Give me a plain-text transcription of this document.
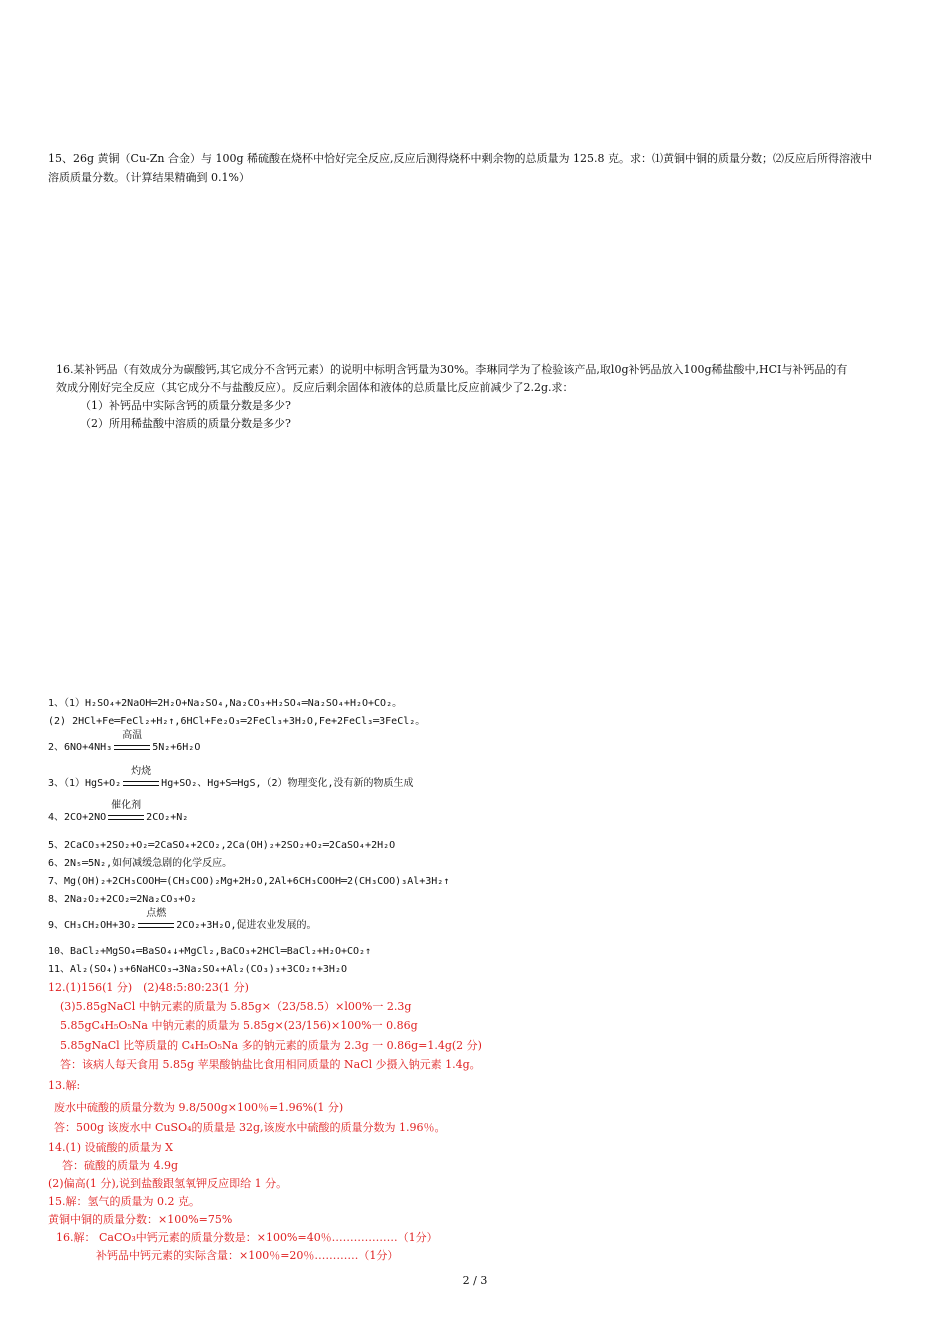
15、26g 黄铜（Cu-Zn 合金）与 100g 稀硫酸在烧杯中恰好完全反应,反应后测得烧杯中剩余物的总质量为 125.8 克。求：⑴黄铜中铜的质量分数；⑵反应后所得溶液中
溶质质量分数。（计算结果精确到 0.1%）
16.某补钙品（有效成分为碳酸钙,其它成分不含钙元素）的说明中标明含钙量为30%。李琳同学为了检验该产品,取l0g补钙品放入100g稀盐酸中,HCI与补钙品的有
效成分刚好完全反应（其它成分不与盐酸反应）。反应后剩余固体和液体的总质量比反应前减少了2.2g.求：
（1）补钙品中实际含钙的质量分数是多少?
（2）所用稀盐酸中溶质的质量分数是多少?
1、（1）H₂SO₄+2NaOH═2H₂O+Na₂SO₄,Na₂CO₃+H₂SO₄═Na₂SO₄+H₂O+CO₂。
(2) 2HCl+Fe═FeCl₂+H₂↑,6HCl+Fe₂O₃═2FeCl₃+3H₂O,Fe+2FeCl₃═3FeCl₂。
2、6NO+4NH₃
高温
5N₂+6H₂O
3、（1）HgS+O₂
灼烧
Hg+SO₂、Hg+S═HgS,（2）物理变化,没有新的物质生成
4、2CO+2NO
催化剂
2CO₂+N₂
5、2CaCO₃+2SO₂+O₂═2CaSO₄+2CO₂,2Ca(OH)₂+2SO₂+O₂═2CaSO₄+2H₂O
6、2N₅═5N₂,如何减缓急剧的化学反应。
7、Mg(OH)₂+2CH₃COOH═(CH₃COO)₂Mg+2H₂O,2Al+6CH₃COOH═2(CH₃COO)₃Al+3H₂↑
8、2Na₂O₂+2CO₂═2Na₂CO₃+O₂
9、CH₃CH₂OH+3O₂
点燃
2CO₂+3H₂O,促进农业发展的。
10、BaCl₂+MgSO₄═BaSO₄↓+MgCl₂,BaCO₃+2HCl═BaCl₂+H₂O+CO₂↑
11、Al₂(SO₄)₃+6NaHCO₃→3Na₂SO₄+Al₂(CO₃)₃+3CO₂↑+3H₂O
12.(1)156(1 分)　(2)48:5:80:23(1 分)
(3)5.85gNaCl 中钠元素的质量为 5.85g×（23/58.5）×l00%一 2.3g
5.85gC₄H₅O₅Na 中钠元素的质量为 5.85g×(23/156)×100%一 0.86g
5.85gNaCl 比等质量的 C₄H₅O₅Na 多的钠元素的质量为 2.3g 一 0.86g=1.4g(2 分)
答：该病人每天食用 5.85g 苹果酸钠盐比食用相同质量的 NaCl 少摄入钠元素 1.4g。
13.解:
废水中硫酸的质量分数为 9.8/500g×100％=1.96%(1 分)
答：500g 该废水中 CuSO₄的质量是 32g,该废水中硫酸的质量分数为 1.96％。
14.(1) 设硫酸的质量为 X
答：硫酸的质量为 4.9g
(2)偏高(1 分),说到盐酸跟氢氧钾反应即给 1 分。
15.解：氢气的质量为 0.2 克。
黄铜中铜的质量分数：×100%=75%
16.解： CaCO₃中钙元素的质量分数是：×100%=40％………………（1分）
补钙品中钙元素的实际含量：×100％=20％…………（1分）
2 / 3
